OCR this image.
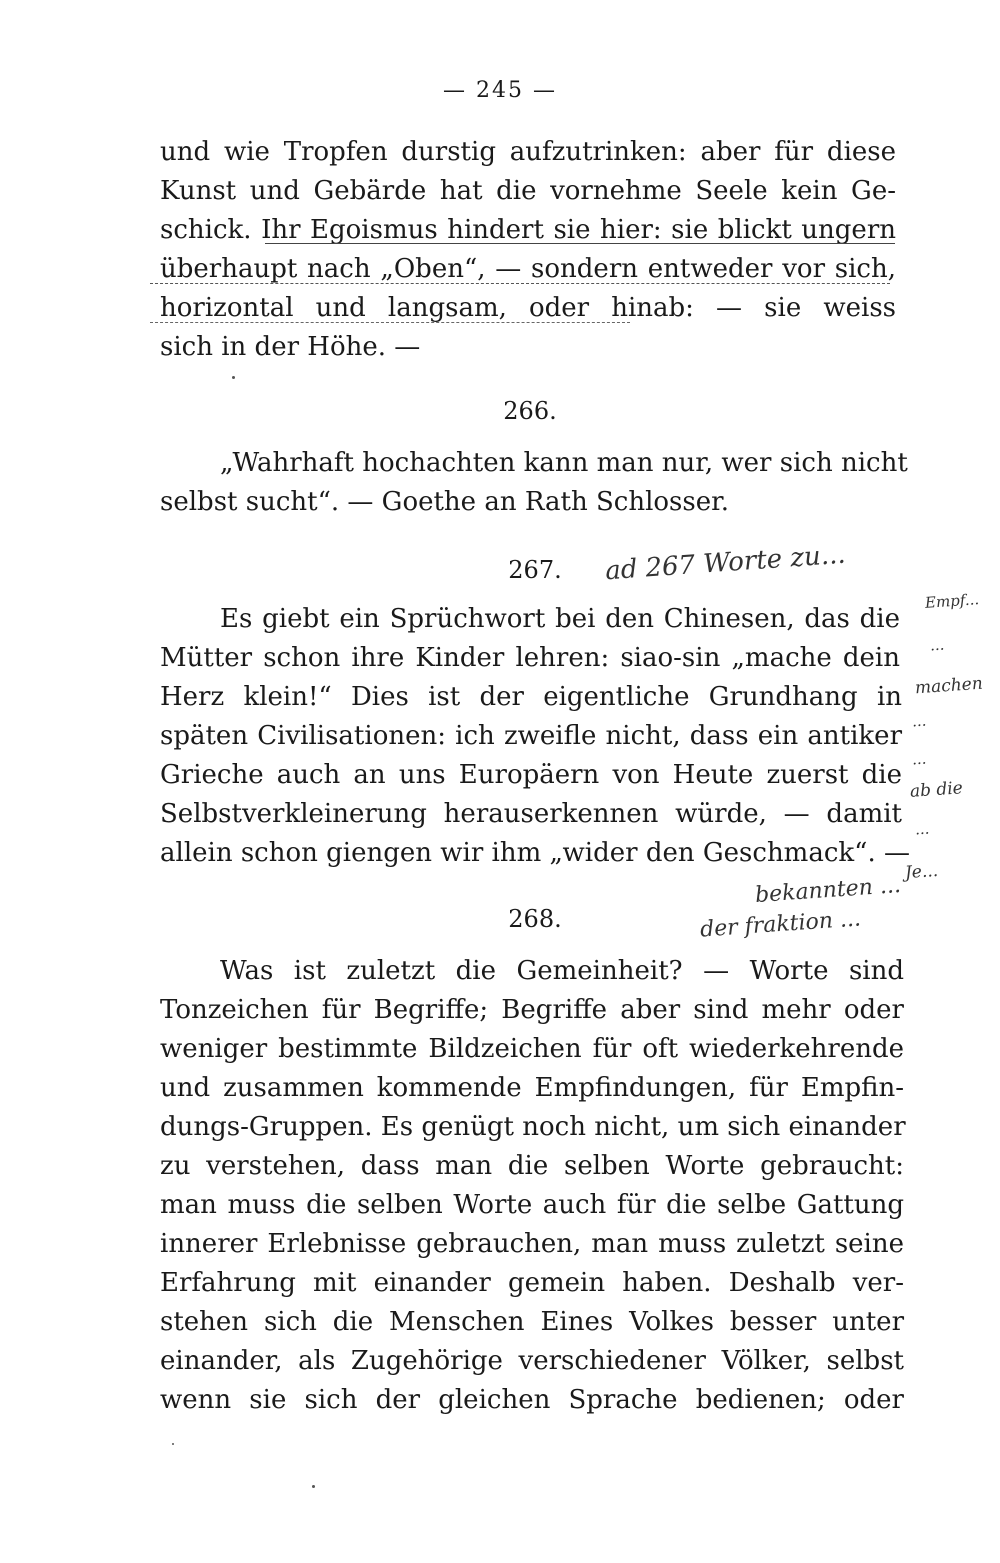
— 245 —
und wie Tropfen durstig aufzutrinken: aber für diese
Kunst und Gebärde hat die vornehme Seele kein Ge-
schick. Ihr Egoismus hindert sie hier: sie blickt ungern
überhaupt nach „Oben“, — sondern entweder vor sich,
horizontal und langsam, oder hinab: — sie weiss
sich in der Höhe. —
266.
„Wahrhaft hochachten kann man nur, wer sich nicht
selbst sucht“. — Goethe an Rath Schlosser.
267.
Es giebt ein Sprüchwort bei den Chinesen, das die
Mütter schon ihre Kinder lehren: siao-sin „mache dein
Herz klein!“ Dies ist der eigentliche Grundhang in
späten Civilisationen: ich zweifle nicht, dass ein antiker
Grieche auch an uns Europäern von Heute zuerst die
Selbstverkleinerung herauserkennen würde, — damit
allein schon giengen wir ihm „wider den Geschmack“. —
ad 267 Worte zu...
Empf...
...
machen
...
...
ab die
...
Je...
bekannten ...
der fraktion ...
268.
Was ist zuletzt die Gemeinheit? — Worte sind
Tonzeichen für Begriffe; Begriffe aber sind mehr oder
weniger bestimmte Bildzeichen für oft wiederkehrende
und zusammen kommende Empfindungen, für Empfin-
dungs-Gruppen. Es genügt noch nicht, um sich einander
zu verstehen, dass man die selben Worte gebraucht:
man muss die selben Worte auch für die selbe Gattung
innerer Erlebnisse gebrauchen, man muss zuletzt seine
Erfahrung mit einander gemein haben. Deshalb ver-
stehen sich die Menschen Eines Volkes besser unter
einander, als Zugehörige verschiedener Völker, selbst
wenn sie sich der gleichen Sprache bedienen; oder
